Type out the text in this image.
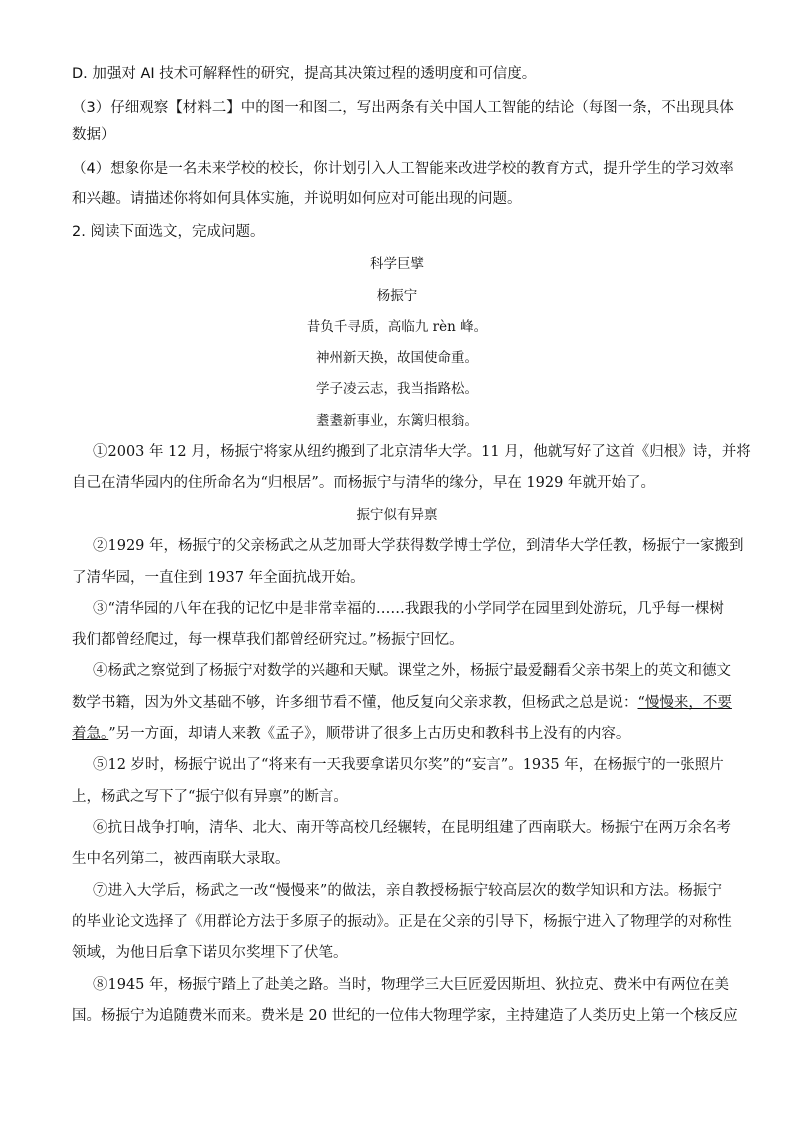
D. 加强对 AI 技术可解释性的研究，提高其决策过程的透明度和可信度。
（3）仔细观察【材料二】中的图一和图二，写出两条有关中国人工智能的结论（每图一条，不出现具体
数据）
（4）想象你是一名未来学校的校长，你计划引入人工智能来改进学校的教育方式，提升学生的学习效率
和兴趣。请描述你将如何具体实施，并说明如何应对可能出现的问题。
2. 阅读下面选文，完成问题。
科学巨擘
杨振宁
昔负千寻质，高临九 rèn 峰。
神州新天换，故国使命重。
学子凌云志，我当指路松。
耋耋新事业，东篱归根翁。
①2003 年 12 月，杨振宁将家从纽约搬到了北京清华大学。11 月，他就写好了这首《归根》诗，并将
自己在清华园内的住所命名为“归根居”。而杨振宁与清华的缘分，早在 1929 年就开始了。
振宁似有异禀
②1929 年，杨振宁的父亲杨武之从芝加哥大学获得数学博士学位，到清华大学任教，杨振宁一家搬到
了清华园，一直住到 1937 年全面抗战开始。
③“清华园的八年在我的记忆中是非常幸福的……我跟我的小学同学在园里到处游玩，几乎每一棵树
我们都曾经爬过，每一棵草我们都曾经研究过。”杨振宁回忆。
④杨武之察觉到了杨振宁对数学的兴趣和天赋。课堂之外，杨振宁最爱翻看父亲书架上的英文和德文
数学书籍，因为外文基础不够，许多细节看不懂，他反复向父亲求教，但杨武之总是说：“慢慢来，不要
着急。”另一方面，却请人来教《孟子》，顺带讲了很多上古历史和教科书上没有的内容。
⑤12 岁时，杨振宁说出了“将来有一天我要拿诺贝尔奖”的“妄言”。1935 年，在杨振宁的一张照片
上，杨武之写下了“振宁似有异禀”的断言。
⑥抗日战争打响，清华、北大、南开等高校几经辗转，在昆明组建了西南联大。杨振宁在两万余名考
生中名列第二，被西南联大录取。
⑦进入大学后，杨武之一改“慢慢来”的做法，亲自教授杨振宁较高层次的数学知识和方法。杨振宁
的毕业论文选择了《用群论方法于多原子的振动》。正是在父亲的引导下，杨振宁进入了物理学的对称性
领域，为他日后拿下诺贝尔奖埋下了伏笔。
⑧1945 年，杨振宁踏上了赴美之路。当时，物理学三大巨匠爱因斯坦、狄拉克、费米中有两位在美
国。杨振宁为追随费米而来。费米是 20 世纪的一位伟大物理学家，主持建造了人类历史上第一个核反应
